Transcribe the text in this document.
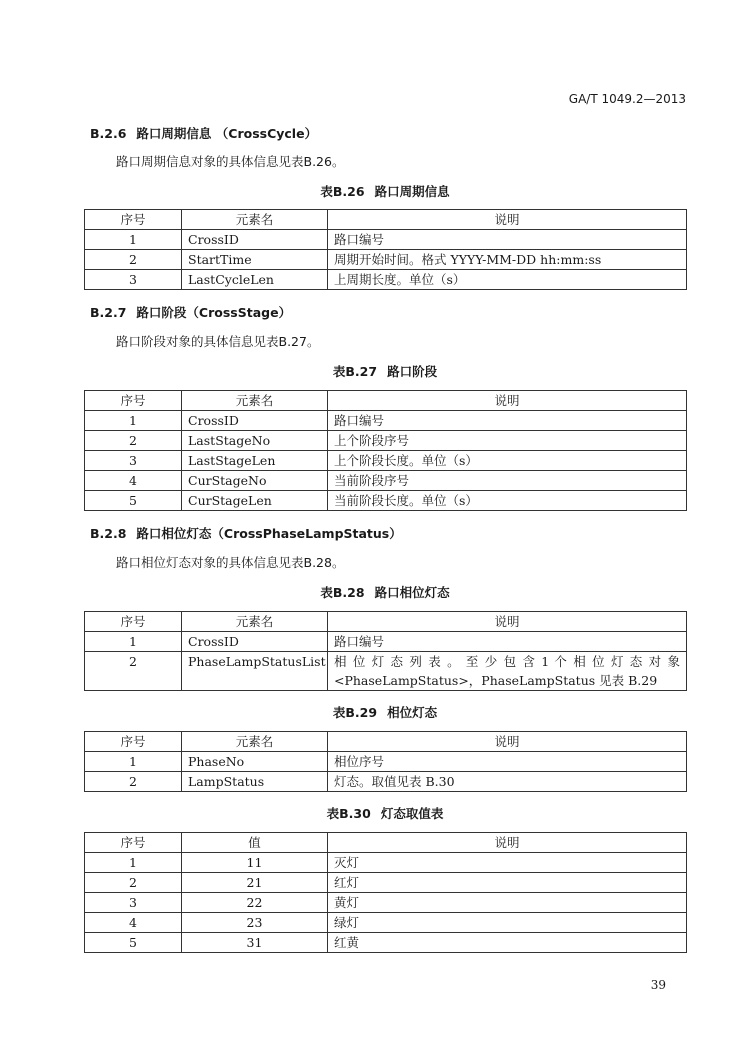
GA/T 1049.2—2013
B.2.6 路口周期信息 （CrossCycle）
路口周期信息对象的具体信息见表B.26。
表B.26 路口周期信息
序号	元素名	说明
1	CrossID	路口编号
2	StartTime	周期开始时间。格式 YYYY-MM-DD hh:mm:ss
3	LastCycleLen	上周期长度。单位（s）
B.2.7 路口阶段（CrossStage）
路口阶段对象的具体信息见表B.27。
表B.27 路口阶段
序号	元素名	说明
1	CrossID	路口编号
2	LastStageNo	上个阶段序号
3	LastStageLen	上个阶段长度。单位（s）
4	CurStageNo	当前阶段序号
5	CurStageLen	当前阶段长度。单位（s）
B.2.8 路口相位灯态（CrossPhaseLampStatus）
路口相位灯态对象的具体信息见表B.28。
表B.28 路口相位灯态
序号	元素名	说明
1	CrossID	路口编号
2	PhaseLampStatusList	相 位 灯 态 列 表 。 至 少 包 含 1 个 相 位 灯 态 对 象
<PhaseLampStatus>，PhaseLampStatus 见表 B.29
表B.29 相位灯态
序号	元素名	说明
1	PhaseNo	相位序号
2	LampStatus	灯态。取值见表 B.30
表B.30 灯态取值表
序号	值	说明
1	11	灭灯
2	21	红灯
3	22	黄灯
4	23	绿灯
5	31	红黄
39
